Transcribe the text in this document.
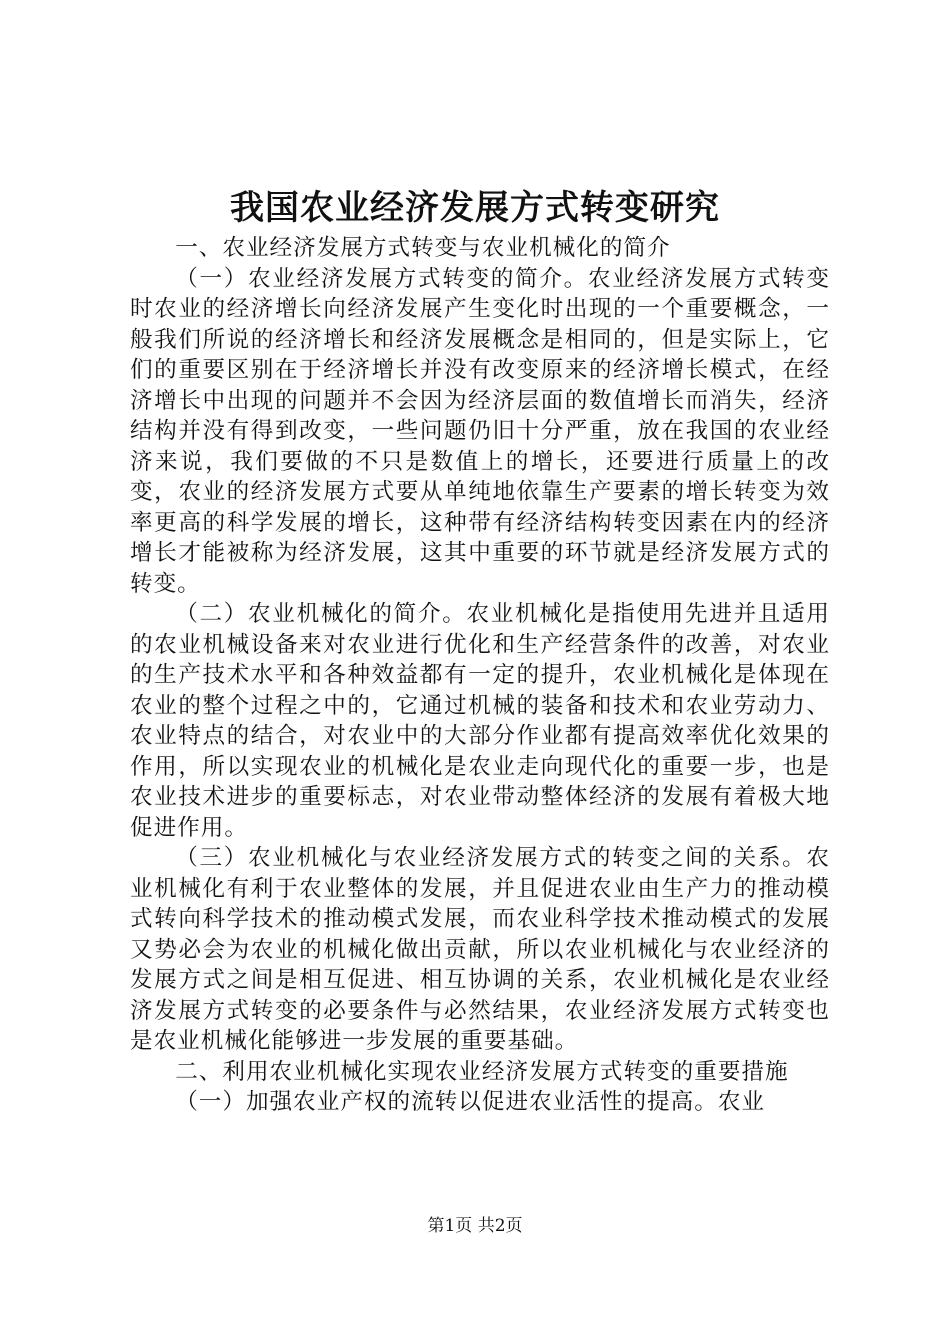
我国农业经济发展方式转变研究

一、农业经济发展方式转变与农业机械化的简介

（一）农业经济发展方式转变的简介。农业经济发展方式转变时农业的经济增长向经济发展产生变化时出现的一个重要概念，一般我们所说的经济增长和经济发展概念是相同的，但是实际上，它们的重要区别在于经济增长并没有改变原来的经济增长模式，在经济增长中出现的问题并不会因为经济层面的数值增长而消失，经济结构并没有得到改变，一些问题仍旧十分严重，放在我国的农业经济来说，我们要做的不只是数值上的增长，还要进行质量上的改变，农业的经济发展方式要从单纯地依靠生产要素的增长转变为效率更高的科学发展的增长，这种带有经济结构转变因素在内的经济增长才能被称为经济发展，这其中重要的环节就是经济发展方式的转变。

（二）农业机械化的简介。农业机械化是指使用先进并且适用的农业机械设备来对农业进行优化和生产经营条件的改善，对农业的生产技术水平和各种效益都有一定的提升，农业机械化是体现在农业的整个过程之中的，它通过机械的装备和技术和农业劳动力、农业特点的结合，对农业中的大部分作业都有提高效率优化效果的作用，所以实现农业的机械化是农业走向现代化的重要一步，也是农业技术进步的重要标志，对农业带动整体经济的发展有着极大地促进作用。

（三）农业机械化与农业经济发展方式的转变之间的关系。农业机械化有利于农业整体的发展，并且促进农业由生产力的推动模式转向科学技术的推动模式发展，而农业科学技术推动模式的发展又势必会为农业的机械化做出贡献，所以农业机械化与农业经济的发展方式之间是相互促进、相互协调的关系，农业机械化是农业经济发展方式转变的必要条件与必然结果，农业经济发展方式转变也是农业机械化能够进一步发展的重要基础。

二、利用农业机械化实现农业经济发展方式转变的重要措施

（一）加强农业产权的流转以促进农业活性的提高。农业

第1页 共2页
